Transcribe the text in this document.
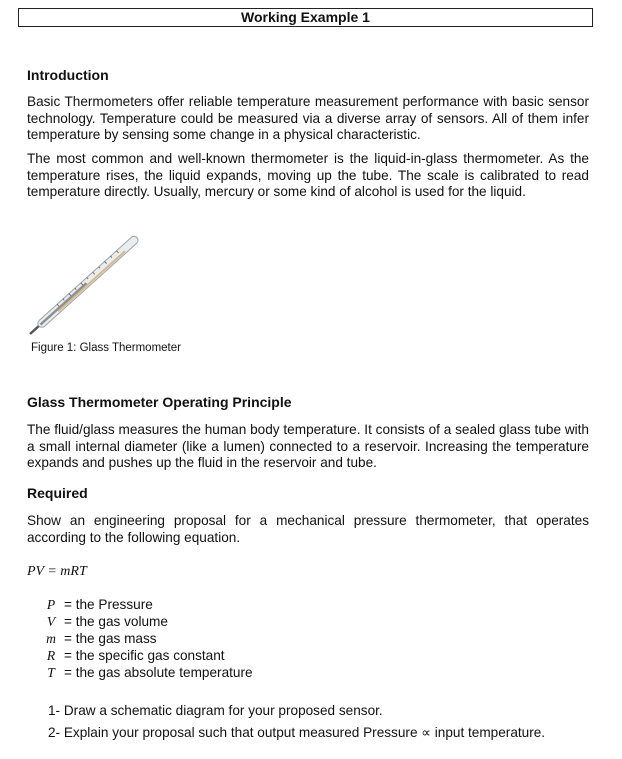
Working Example 1
Introduction

Basic Thermometers offer reliable temperature measurement performance with basic sensor technology. Temperature could be measured via a diverse array of sensors. All of them infer temperature by sensing some change in a physical characteristic.

The most common and well-known thermometer is the liquid-in-glass thermometer. As the temperature rises, the liquid expands, moving up the tube. The scale is calibrated to read temperature directly. Usually, mercury or some kind of alcohol is used for the liquid.

Figure 1: Glass Thermometer
Glass Thermometer Operating Principle

The fluid/glass measures the human body temperature. It consists of a sealed glass tube with a small internal diameter (like a lumen) connected to a reservoir. Increasing the temperature expands and pushes up the fluid in the reservoir and tube.

Required

Show an engineering proposal for a mechanical pressure thermometer, that operates according to the following equation.

PV = mRT
P = the Pressure
V = the gas volume
m = the gas mass
R = the specific gas constant
T = the gas absolute temperature
1- Draw a schematic diagram for your proposed sensor.
2- Explain your proposal such that output measured Pressure ∝ input temperature.
